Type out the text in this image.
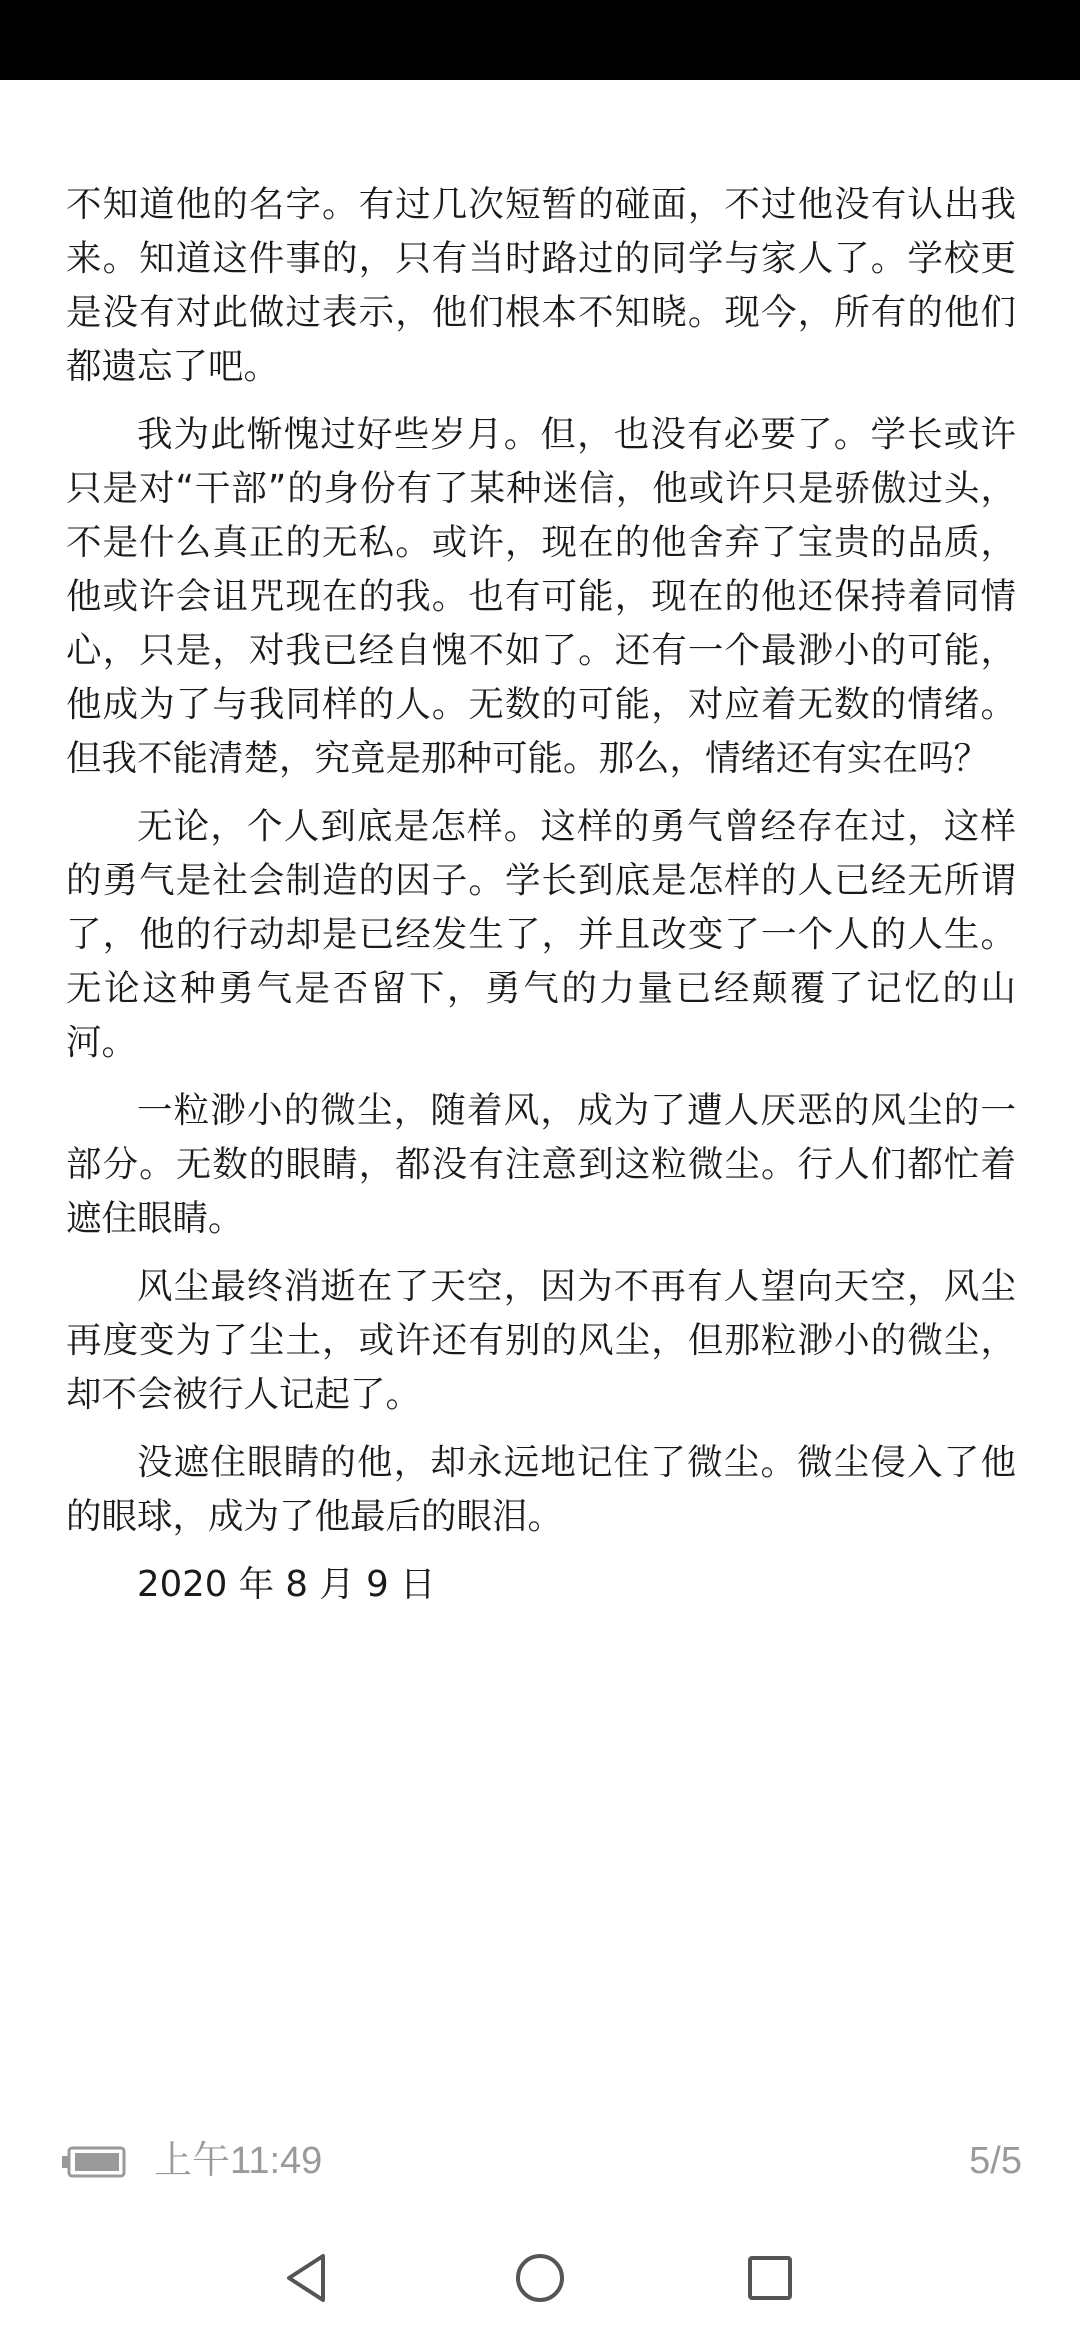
不知道他的名字。有过几次短暂的碰面，不过他没有认出我来。知道这件事的，只有当时路过的同学与家人了。学校更是没有对此做过表示，他们根本不知晓。现今，所有的他们都遗忘了吧。

我为此惭愧过好些岁月。但，也没有必要了。学长或许只是对“干部”的身份有了某种迷信，他或许只是骄傲过头，不是什么真正的无私。或许，现在的他舍弃了宝贵的品质，他或许会诅咒现在的我。也有可能，现在的他还保持着同情心，只是，对我已经自愧不如了。还有一个最渺小的可能，他成为了与我同样的人。无数的可能，对应着无数的情绪。但我不能清楚，究竟是那种可能。那么，情绪还有实在吗？

无论，个人到底是怎样。这样的勇气曾经存在过，这样的勇气是社会制造的因子。学长到底是怎样的人已经无所谓了，他的行动却是已经发生了，并且改变了一个人的人生。无论这种勇气是否留下，勇气的力量已经颠覆了记忆的山河。

一粒渺小的微尘，随着风，成为了遭人厌恶的风尘的一部分。无数的眼睛，都没有注意到这粒微尘。行人们都忙着遮住眼睛。

风尘最终消逝在了天空，因为不再有人望向天空，风尘再度变为了尘土，或许还有别的风尘，但那粒渺小的微尘，却不会被行人记起了。

没遮住眼睛的他，却永远地记住了微尘。微尘侵入了他的眼球，成为了他最后的眼泪。

2020 年 8 月 9 日

上午11:49	5/5
